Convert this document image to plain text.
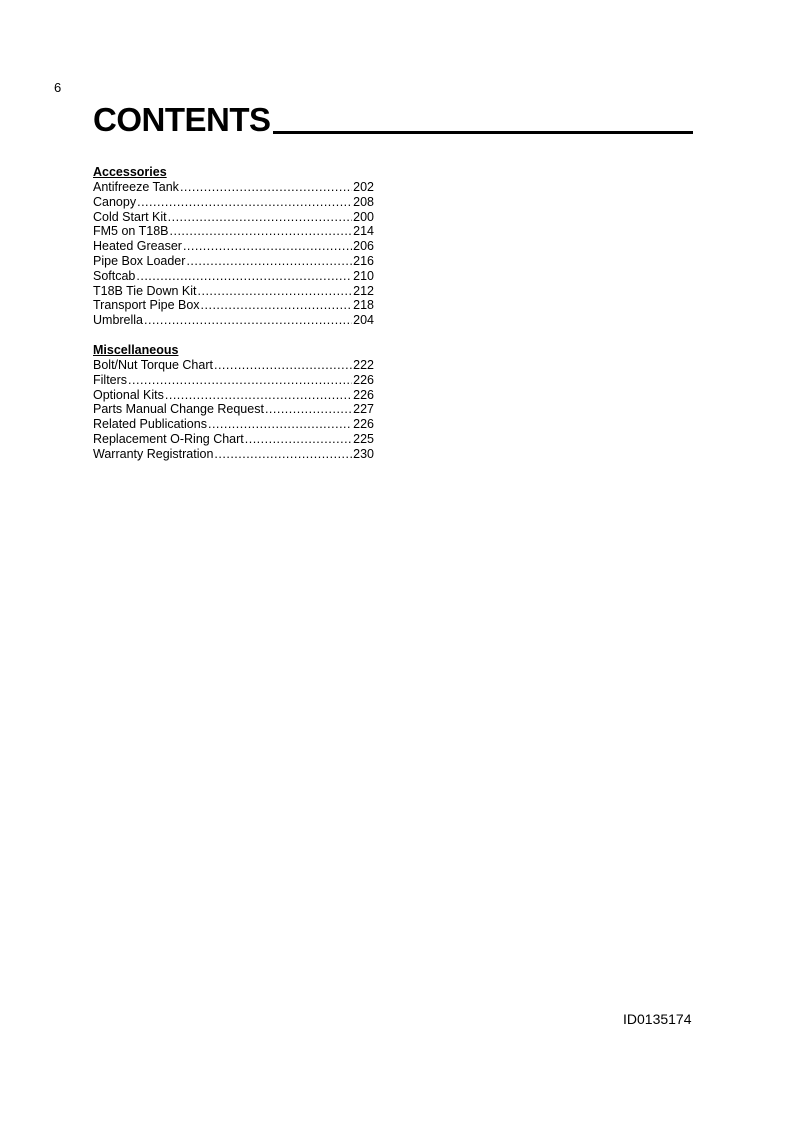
6
CONTENTS
Accessories
Antifreeze Tank .....	202
Canopy .....	208
Cold Start Kit .....	200
FM5 on T18B .....	214
Heated Greaser .....	206
Pipe Box Loader .....	216
Softcab .....	210
T18B Tie Down Kit .....	212
Transport Pipe Box .....	218
Umbrella .....	204
Miscellaneous
Bolt/Nut Torque Chart .....	222
Filters .....	226
Optional Kits .....	226
Parts Manual Change Request .....	227
Related Publications .....	226
Replacement O-Ring Chart .....	225
Warranty Registration .....	230
ID0135174
